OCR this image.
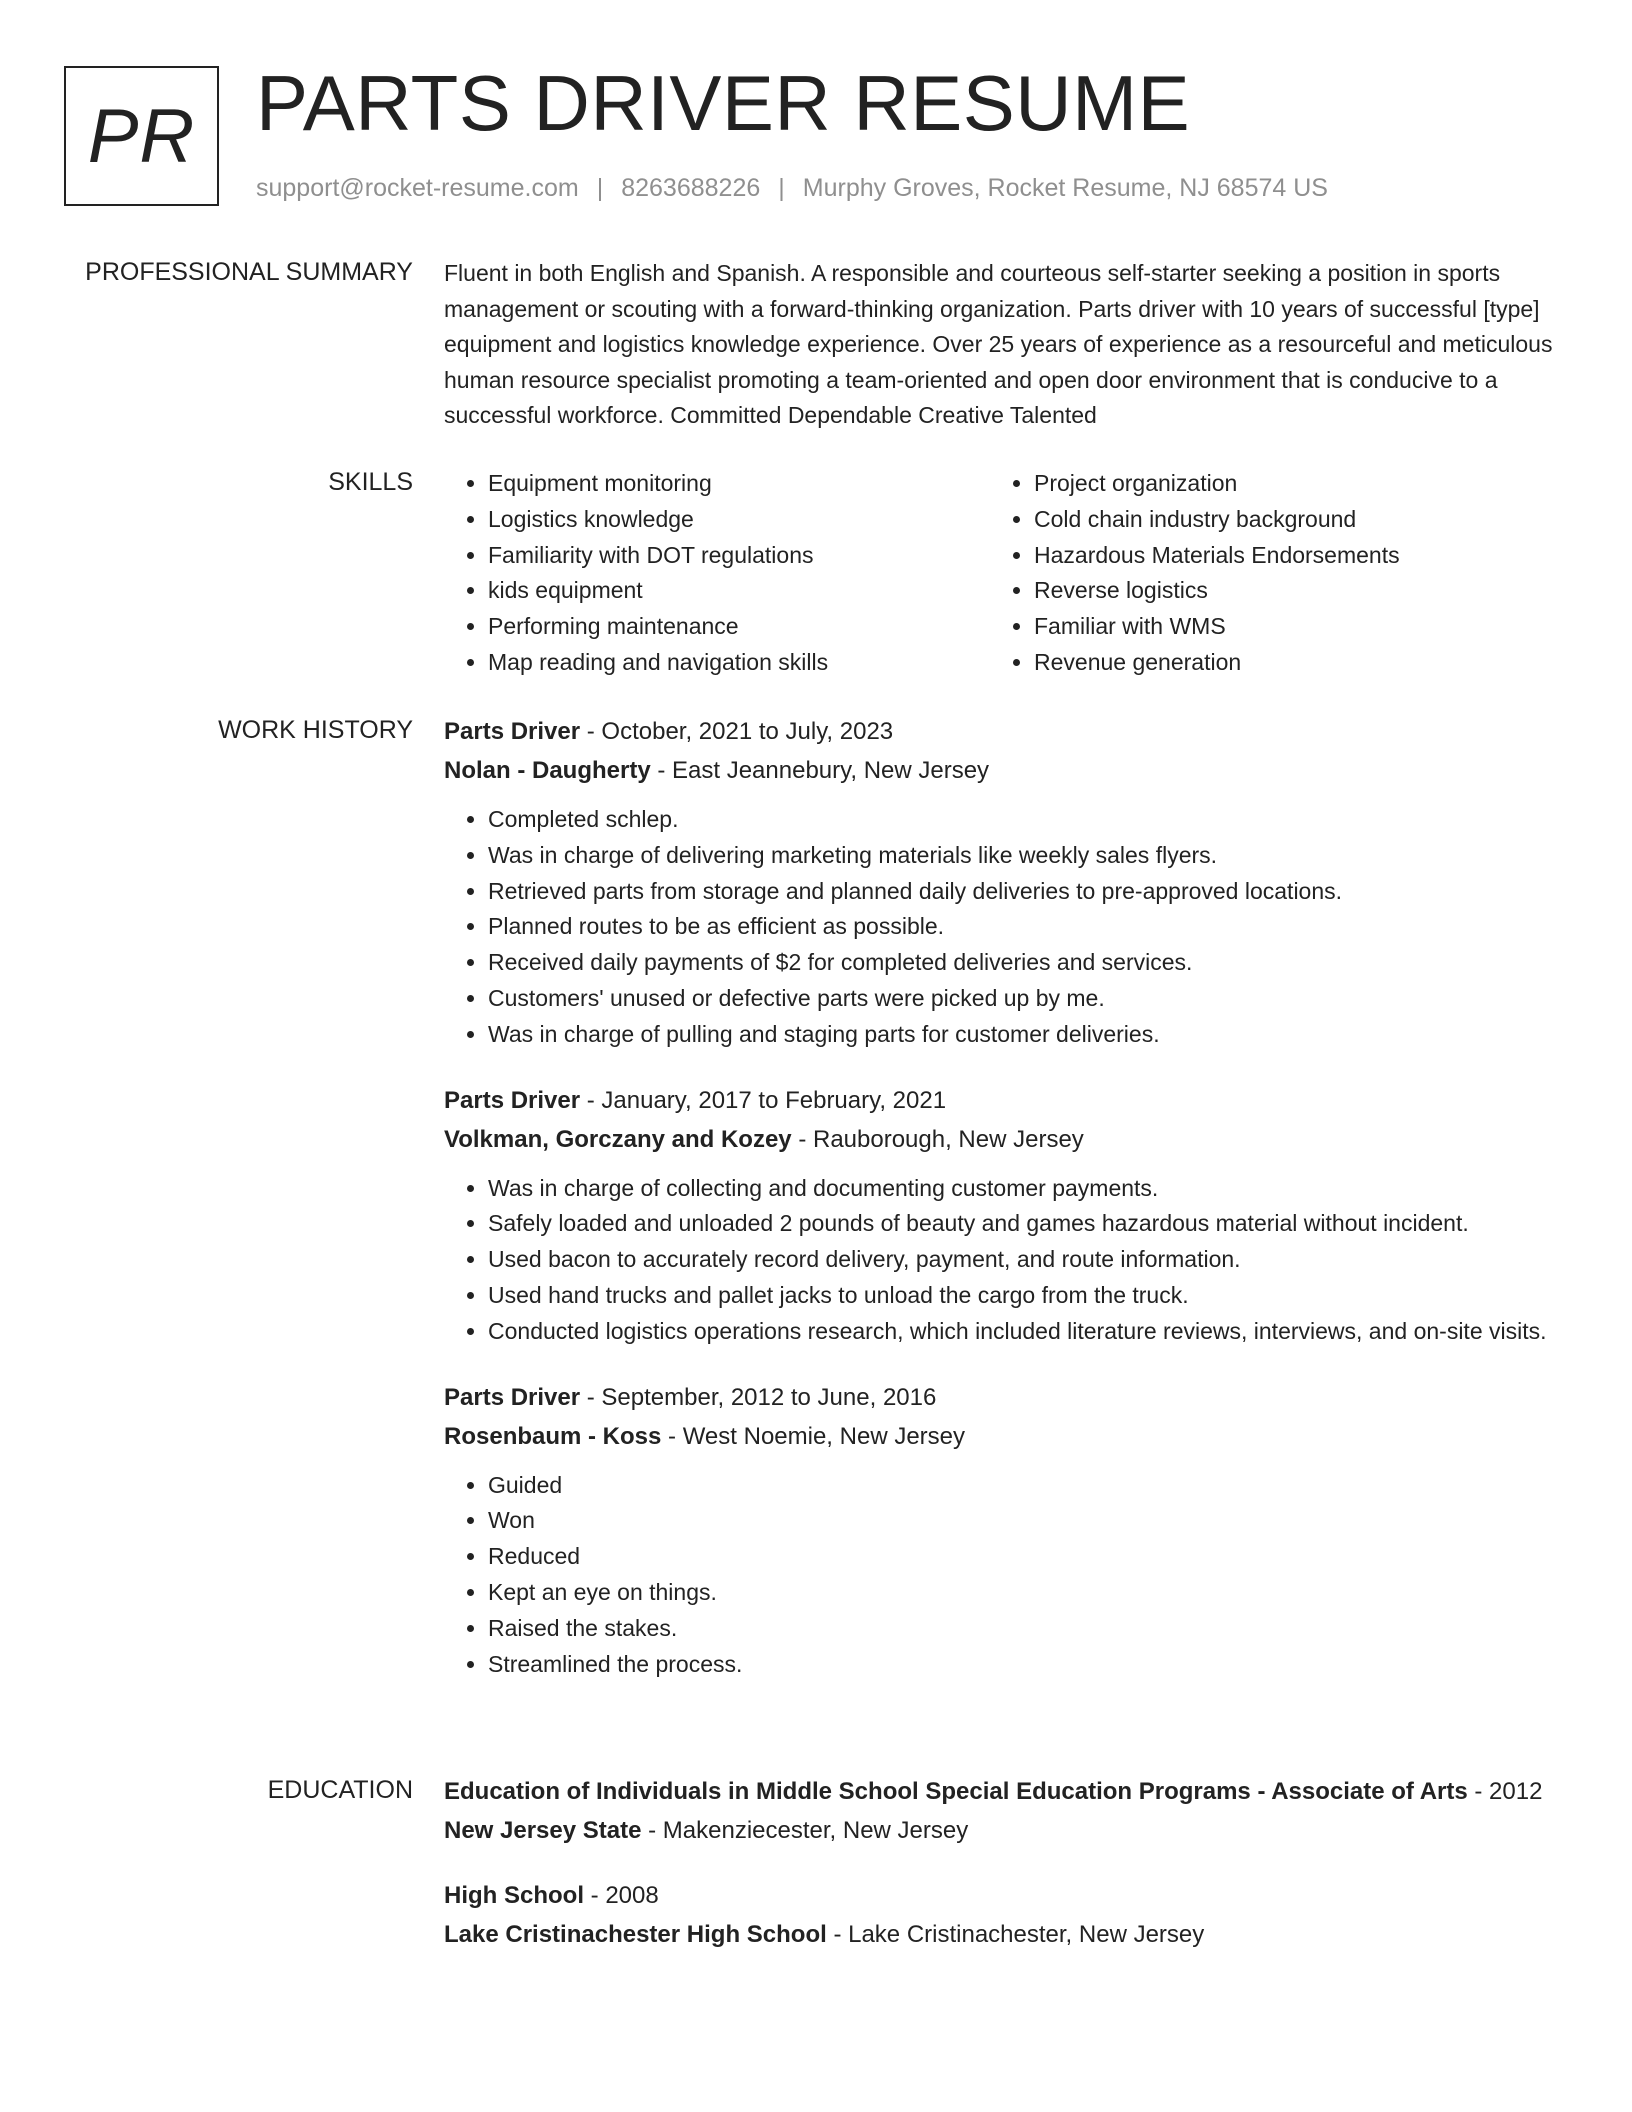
PR PARTS DRIVER RESUME
support@rocket-resume.com | 8263688226 | Murphy Groves, Rocket Resume, NJ 68574 US
PROFESSIONAL SUMMARY Fluent in both English and Spanish. A responsible and courteous self-starter seeking a position in sports management or scouting with a forward-thinking organization. Parts driver with 10 years of successful [type] equipment and logistics knowledge experience. Over 25 years of experience as a resourceful and meticulous human resource specialist promoting a team-oriented and open door environment that is conducive to a successful workforce. Committed Dependable Creative Talented

SKILLS
•	Equipment monitoring
• Logistics knowledge
• Familiarity with DOT regulations
• kids equipment
• Performing maintenance
• Map reading and navigation skills
• Project organization
• Cold chain industry background
• Hazardous Materials Endorsements
• Reverse logistics
• Familiar with WMS
• Revenue generation
WORK HISTORY Parts Driver - October, 2021 to July, 2023
Nolan - Daugherty - East Jeannebury, New Jersey
• Completed schlep.
• Was in charge of delivering marketing materials like weekly sales flyers.
• Retrieved parts from storage and planned daily deliveries to pre-approved locations.
• Planned routes to be as efficient as possible.
• Received daily payments of $2 for completed deliveries and services.
• Customers' unused or defective parts were picked up by me.
• Was in charge of pulling and staging parts for customer deliveries.
Parts Driver - January, 2017 to February, 2021
Volkman, Gorczany and Kozey - Rauborough, New Jersey
• Was in charge of collecting and documenting customer payments.
• Safely loaded and unloaded 2 pounds of beauty and games hazardous material without incident.
• Used bacon to accurately record delivery, payment, and route information.
• Used hand trucks and pallet jacks to unload the cargo from the truck.
• Conducted logistics operations research, which included literature reviews, interviews, and on-site visits.
Parts Driver - September, 2012 to June, 2016
Rosenbaum - Koss - West Noemie, New Jersey
• Guided
• Won
• Reduced
• Kept an eye on things.
• Raised the stakes.
• Streamlined the process.
EDUCATION Education of Individuals in Middle School Special Education Programs - Associate of Arts - 2012
New Jersey State - Makenziecester, New Jersey
High School - 2008
Lake Cristinachester High School - Lake Cristinachester, New Jersey
